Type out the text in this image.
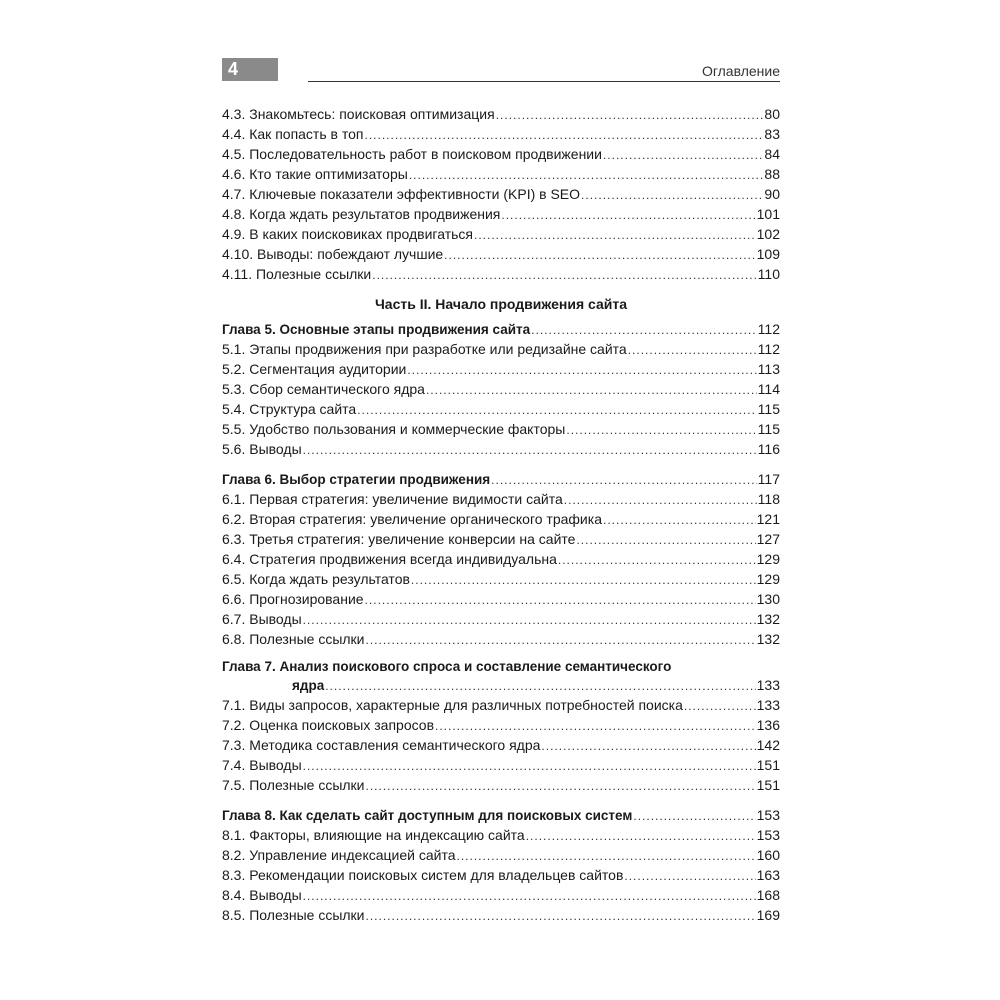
4	Оглавление
4.3. Знакомьтесь: поисковая оптимизация .....	80
4.4. Как попасть в топ .....	83
4.5. Последовательность работ в поисковом продвижении .....	84
4.6. Кто такие оптимизаторы .....	88
4.7. Ключевые показатели эффективности (KPI) в SEO .....	90
4.8. Когда ждать результатов продвижения .....	101
4.9. В каких поисковиках продвигаться .....	102
4.10. Выводы: побеждают лучшие .....	109
4.11. Полезные ссылки .....	110
Часть II. Начало продвижения сайта
Глава 5. Основные этапы продвижения сайта .....	112
5.1. Этапы продвижения при разработке или редизайне сайта .....	112
5.2. Сегментация аудитории .....	113
5.3. Сбор семантического ядра .....	114
5.4. Структура сайта .....	115
5.5. Удобство пользования и коммерческие факторы .....	115
5.6. Выводы .....	116
Глава 6. Выбор стратегии продвижения .....	117
6.1. Первая стратегия: увеличение видимости сайта .....	118
6.2. Вторая стратегия: увеличение органического трафика .....	121
6.3. Третья стратегия: увеличение конверсии на сайте .....	127
6.4. Стратегия продвижения всегда индивидуальна .....	129
6.5. Когда ждать результатов .....	129
6.6. Прогнозирование .....	130
6.7. Выводы .....	132
6.8. Полезные ссылки .....	132
Глава 7. Анализ поискового спроса и составление семантического
ядра .....	133
7.1. Виды запросов, характерные для различных потребностей поиска .....	133
7.2. Оценка поисковых запросов .....	136
7.3. Методика составления семантического ядра .....	142
7.4. Выводы .....	151
7.5. Полезные ссылки .....	151
Глава 8. Как сделать сайт доступным для поисковых систем .....	153
8.1. Факторы, влияющие на индексацию сайта .....	153
8.2. Управление индексацией сайта .....	160
8.3. Рекомендации поисковых систем для владельцев сайтов .....	163
8.4. Выводы .....	168
8.5. Полезные ссылки .....	169
